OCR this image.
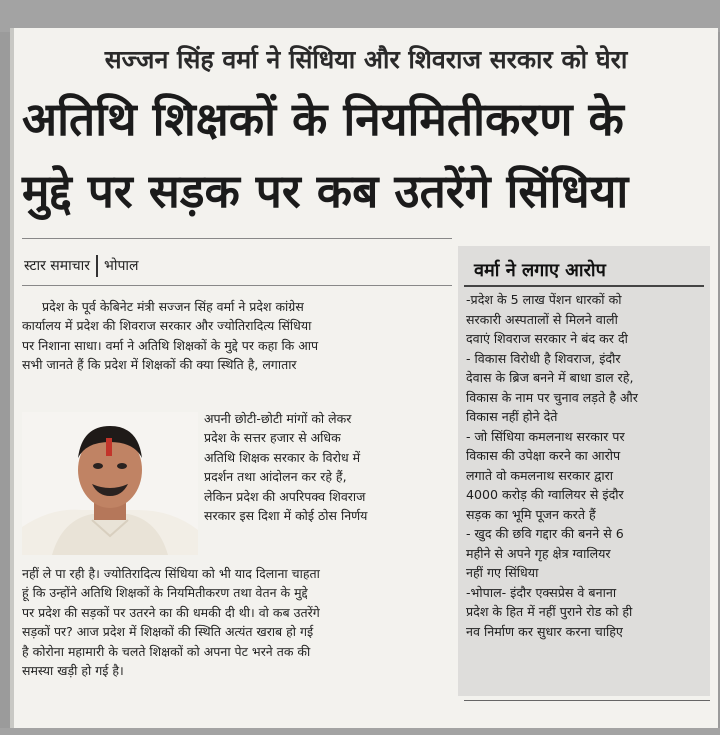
सज्जन सिंह वर्मा ने सिंधिया और शिवराज सरकार को घेरा
अतिथि शिक्षकों के नियमितीकरण के
मुद्दे पर सड़क पर कब उतरेंगे सिंधिया
स्टार समाचार भोपाल

प्रदेश के पूर्व केबिनेट मंत्री सज्जन सिंह वर्मा ने प्रदेश कांग्रेस

कार्यालय में प्रदेश की शिवराज सरकार और ज्योतिरादित्य सिंधिया

पर निशाना साधा। वर्मा ने अतिथि शिक्षकों के मुद्दे पर कहा कि आप

सभी जानते हैं कि प्रदेश में शिक्षकों की क्या स्थिति है, लगातार

अपनी छोटी-छोटी मांगों को लेकर

प्रदेश के सत्तर हजार से अधिक

अतिथि शिक्षक सरकार के विरोध में

प्रदर्शन तथा आंदोलन कर रहे हैं,

लेकिन प्रदेश की अपरिपक्व शिवराज

सरकार इस दिशा में कोई ठोस निर्णय

नहीं ले पा रही है। ज्योतिरादित्य सिंधिया को भी याद दिलाना चाहता

हूं कि उन्होंने अतिथि शिक्षकों के नियमितीकरण तथा वेतन के मुद्दे

पर प्रदेश की सड़कों पर उतरने का की धमकी दी थी। वो कब उतरेंगे

सड़कों पर? आज प्रदेश में शिक्षकों की स्थिति अत्यंत खराब हो गई

है कोरोना महामारी के चलते शिक्षकों को अपना पेट भरने तक की

समस्या खड़ी हो गई है।

वर्मा ने लगाए आरोप

-प्रदेश के 5 लाख पेंशन धारकों को

सरकारी अस्पतालों से मिलने वाली

दवाएं शिवराज सरकार ने बंद कर दी

- विकास विरोधी है शिवराज, इंदौर

देवास के ब्रिज बनने में बाधा डाल रहे,

विकास के नाम पर चुनाव लड़ते है और

विकास नहीं होने देते

- जो सिंधिया कमलनाथ सरकार पर

विकास की उपेक्षा करने का आरोप

लगाते वो कमलनाथ सरकार द्वारा

4000 करोड़ की ग्वालियर से इंदौर

सड़क का भूमि पूजन करते हैं

- खुद की छवि गद्दार की बनने से 6

महीने से अपने गृह क्षेत्र ग्वालियर

नहीं गए सिंधिया

-भोपाल- इंदौर एक्सप्रेस वे बनाना

प्रदेश के हित में नहीं पुराने रोड को ही

नव निर्माण कर सुधार करना चाहिए
